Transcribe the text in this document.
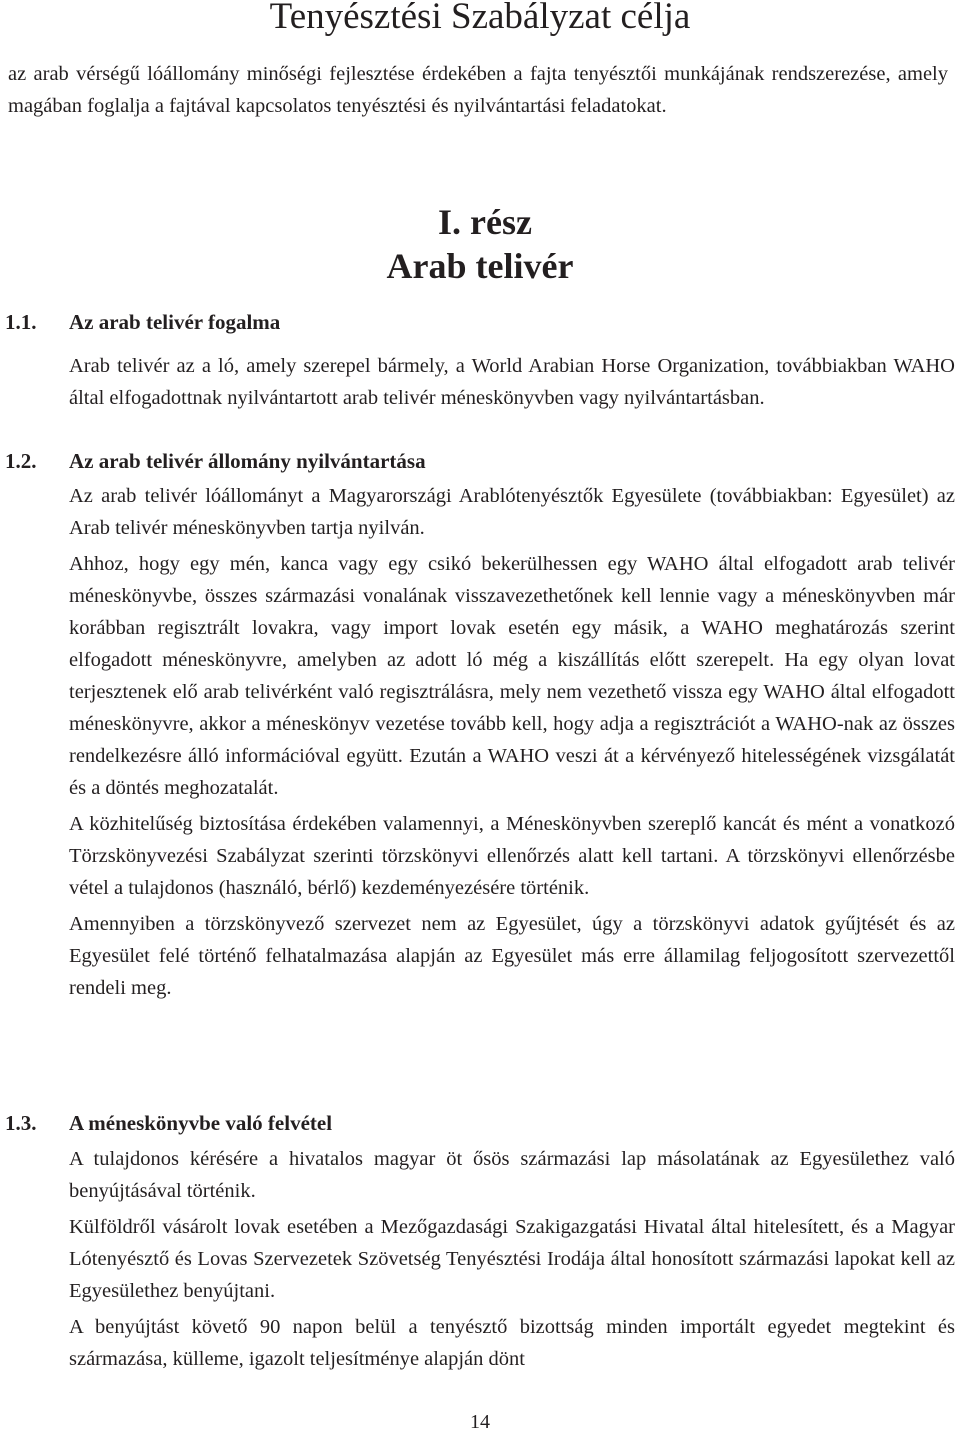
Tenyésztési Szabályzat célja

az arab vérségű lóállomány minőségi fejlesztése érdekében a fajta tenyésztői munkájának rendszerezése, amely magában foglalja a fajtával kapcsolatos tenyésztési és nyilvántartási feladatokat.

I. rész
Arab telivér
1.1. Az arab telivér fogalma

Arab telivér az a ló, amely szerepel bármely, a World Arabian Horse Organization, továbbiakban WAHO által elfogadottnak nyilvántartott arab telivér méneskönyvben vagy nyilvántartásban.

1.2. Az arab telivér állomány nyilvántartása

Az arab telivér lóállományt a Magyarországi Arablótenyésztők Egyesülete (továbbiakban: Egyesület) az Arab telivér méneskönyvben tartja nyilván.

Ahhoz, hogy egy mén, kanca vagy egy csikó bekerülhessen egy WAHO által elfogadott arab telivér méneskönyvbe, összes származási vonalának visszavezethetőnek kell lennie vagy a méneskönyvben már korábban regisztrált lovakra, vagy import lovak esetén egy másik, a WAHO meghatározás szerint elfogadott méneskönyvre, amelyben az adott ló még a kiszállítás előtt szerepelt. Ha egy olyan lovat terjesztenek elő arab telivérként való regisztrálásra, mely nem vezethető vissza egy WAHO által elfogadott méneskönyvre, akkor a méneskönyv vezetése tovább kell, hogy adja a regisztrációt a WAHO-nak az összes rendelkezésre álló információval együtt. Ezután a WAHO veszi át a kérvényező hitelességének vizsgálatát és a döntés meghozatalát.

A közhitelűség biztosítása érdekében valamennyi, a Méneskönyvben szereplő kancát és mént a vonatkozó Törzskönyvezési Szabályzat szerinti törzskönyvi ellenőrzés alatt kell tartani. A törzskönyvi ellenőrzésbe vétel a tulajdonos (használó, bérlő) kezdeményezésére történik.

Amennyiben a törzskönyvező szervezet nem az Egyesület, úgy a törzskönyvi adatok gyűjtését és az Egyesület felé történő felhatalmazása alapján az Egyesület más erre államilag feljogosított szervezettől rendeli meg.

1.3. A méneskönyvbe való felvétel

A tulajdonos kérésére a hivatalos magyar öt ősös származási lap másolatának az Egyesülethez való benyújtásával történik.

Külföldről vásárolt lovak esetében a Mezőgazdasági Szakigazgatási Hivatal által hitelesített, és a Magyar Lótenyésztő és Lovas Szervezetek Szövetség Tenyésztési Irodája által honosított származási lapokat kell az Egyesülethez benyújtani.

A benyújtást követő 90 napon belül a tenyésztő bizottság minden importált egyedet megtekint és származása, külleme, igazolt teljesítménye alapján dönt

14
